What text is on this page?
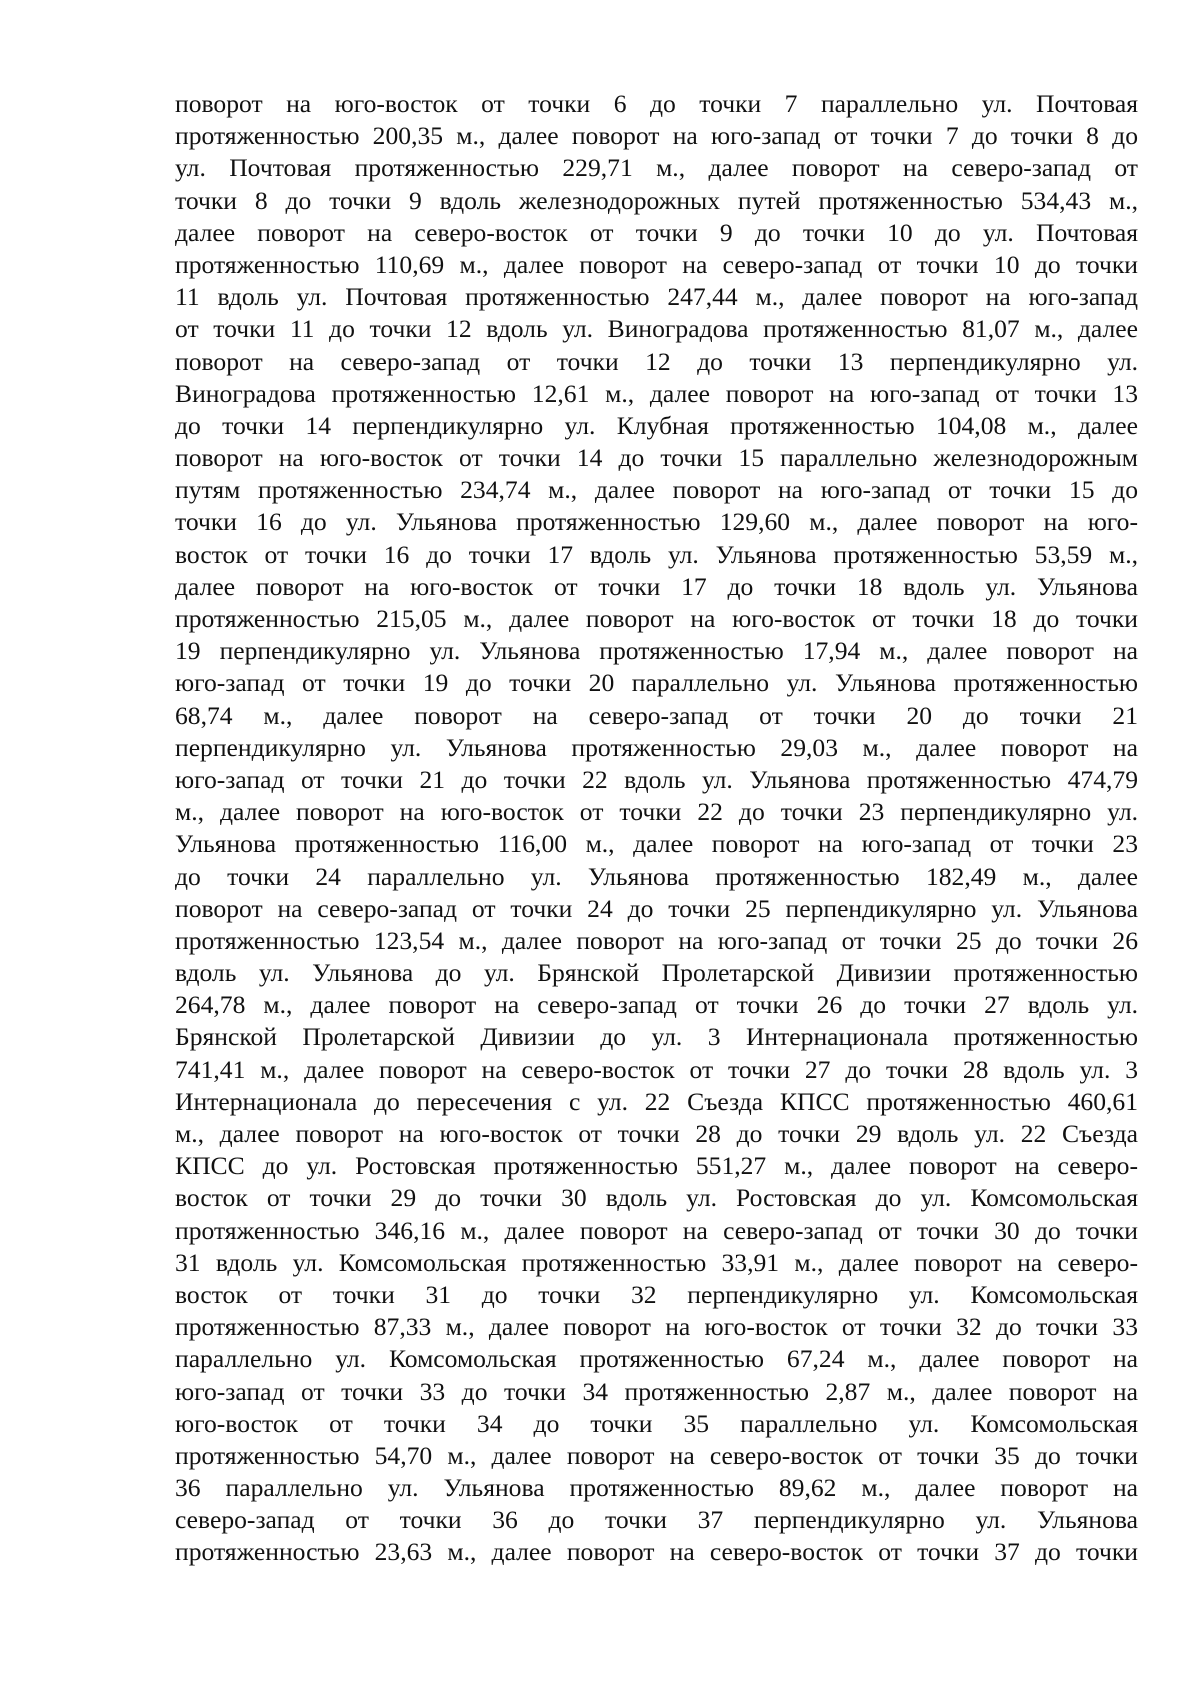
поворот на юго-восток от точки 6 до точки 7 параллельно ул. Почтовая
протяженностью 200,35 м., далее поворот на юго-запад от точки 7 до точки 8 до
ул. Почтовая протяженностью 229,71 м., далее поворот на северо-запад от
точки 8 до точки 9 вдоль железнодорожных путей протяженностью 534,43 м.,
далее поворот на северо-восток от точки 9 до точки 10 до ул. Почтовая
протяженностью 110,69 м., далее поворот на северо-запад от точки 10 до точки
11 вдоль ул. Почтовая протяженностью 247,44 м., далее поворот на юго-запад
от точки 11 до точки 12 вдоль ул. Виноградова протяженностью 81,07 м., далее
поворот на северо-запад от точки 12 до точки 13 перпендикулярно ул.
Виноградова протяженностью 12,61 м., далее поворот на юго-запад от точки 13
до точки 14 перпендикулярно ул. Клубная протяженностью 104,08 м., далее
поворот на юго-восток от точки 14 до точки 15 параллельно железнодорожным
путям протяженностью 234,74 м., далее поворот на юго-запад от точки 15 до
точки 16 до ул. Ульянова протяженностью 129,60 м., далее поворот на юго-
восток от точки 16 до точки 17 вдоль ул. Ульянова протяженностью 53,59 м.,
далее поворот на юго-восток от точки 17 до точки 18 вдоль ул. Ульянова
протяженностью 215,05 м., далее поворот на юго-восток от точки 18 до точки
19 перпендикулярно ул. Ульянова протяженностью 17,94 м., далее поворот на
юго-запад от точки 19 до точки 20 параллельно ул. Ульянова протяженностью
68,74 м., далее поворот на северо-запад от точки 20 до точки 21
перпендикулярно ул. Ульянова протяженностью 29,03 м., далее поворот на
юго-запад от точки 21 до точки 22 вдоль ул. Ульянова протяженностью 474,79
м., далее поворот на юго-восток от точки 22 до точки 23 перпендикулярно ул.
Ульянова протяженностью 116,00 м., далее поворот на юго-запад от точки 23
до точки 24 параллельно ул. Ульянова протяженностью 182,49 м., далее
поворот на северо-запад от точки 24 до точки 25 перпендикулярно ул. Ульянова
протяженностью 123,54 м., далее поворот на юго-запад от точки 25 до точки 26
вдоль ул. Ульянова до ул. Брянской Пролетарской Дивизии протяженностью
264,78 м., далее поворот на северо-запад от точки 26 до точки 27 вдоль ул.
Брянской Пролетарской Дивизии до ул. 3 Интернационала протяженностью
741,41 м., далее поворот на северо-восток от точки 27 до точки 28 вдоль ул. 3
Интернационала до пересечения с ул. 22 Съезда КПСС протяженностью 460,61
м., далее поворот на юго-восток от точки 28 до точки 29 вдоль ул. 22 Съезда
КПСС до ул. Ростовская протяженностью 551,27 м., далее поворот на северо-
восток от точки 29 до точки 30 вдоль ул. Ростовская до ул. Комсомольская
протяженностью 346,16 м., далее поворот на северо-запад от точки 30 до точки
31 вдоль ул. Комсомольская протяженностью 33,91 м., далее поворот на северо-
восток от точки 31 до точки 32 перпендикулярно ул. Комсомольская
протяженностью 87,33 м., далее поворот на юго-восток от точки 32 до точки 33
параллельно ул. Комсомольская протяженностью 67,24 м., далее поворот на
юго-запад от точки 33 до точки 34 протяженностью 2,87 м., далее поворот на
юго-восток от точки 34 до точки 35 параллельно ул. Комсомольская
протяженностью 54,70 м., далее поворот на северо-восток от точки 35 до точки
36 параллельно ул. Ульянова протяженностью 89,62 м., далее поворот на
северо-запад от точки 36 до точки 37 перпендикулярно ул. Ульянова
протяженностью 23,63 м., далее поворот на северо-восток от точки 37 до точки
